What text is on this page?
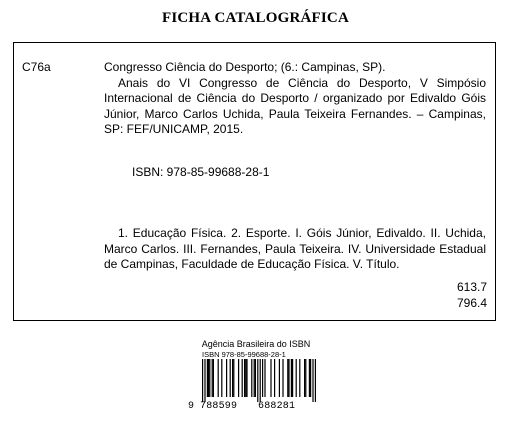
FICHA CATALOGRÁFICA
C76a	Congresso Ciência do Desporto; (6.: Campinas, SP).

Anais do VI Congresso de Ciência do Desporto, V Simpósio Internacional de Ciência do Desporto / organizado por Edivaldo Góis Júnior, Marco Carlos Uchida, Paula Teixeira Fernandes. – Campinas, SP: FEF/UNICAMP, 2015.

ISBN: 978-85-99688-28-1

1. Educação Física. 2. Esporte. I. Góis Júnior, Edivaldo. II. Uchida, Marco Carlos. III. Fernandes, Paula Teixeira. IV. Universidade Estadual de Campinas, Faculdade de Educação Física. V. Título.

613.7
796.4
Agência Brasileira do ISBN
ISBN 978-85-99688-28-1
9 788599 688281
